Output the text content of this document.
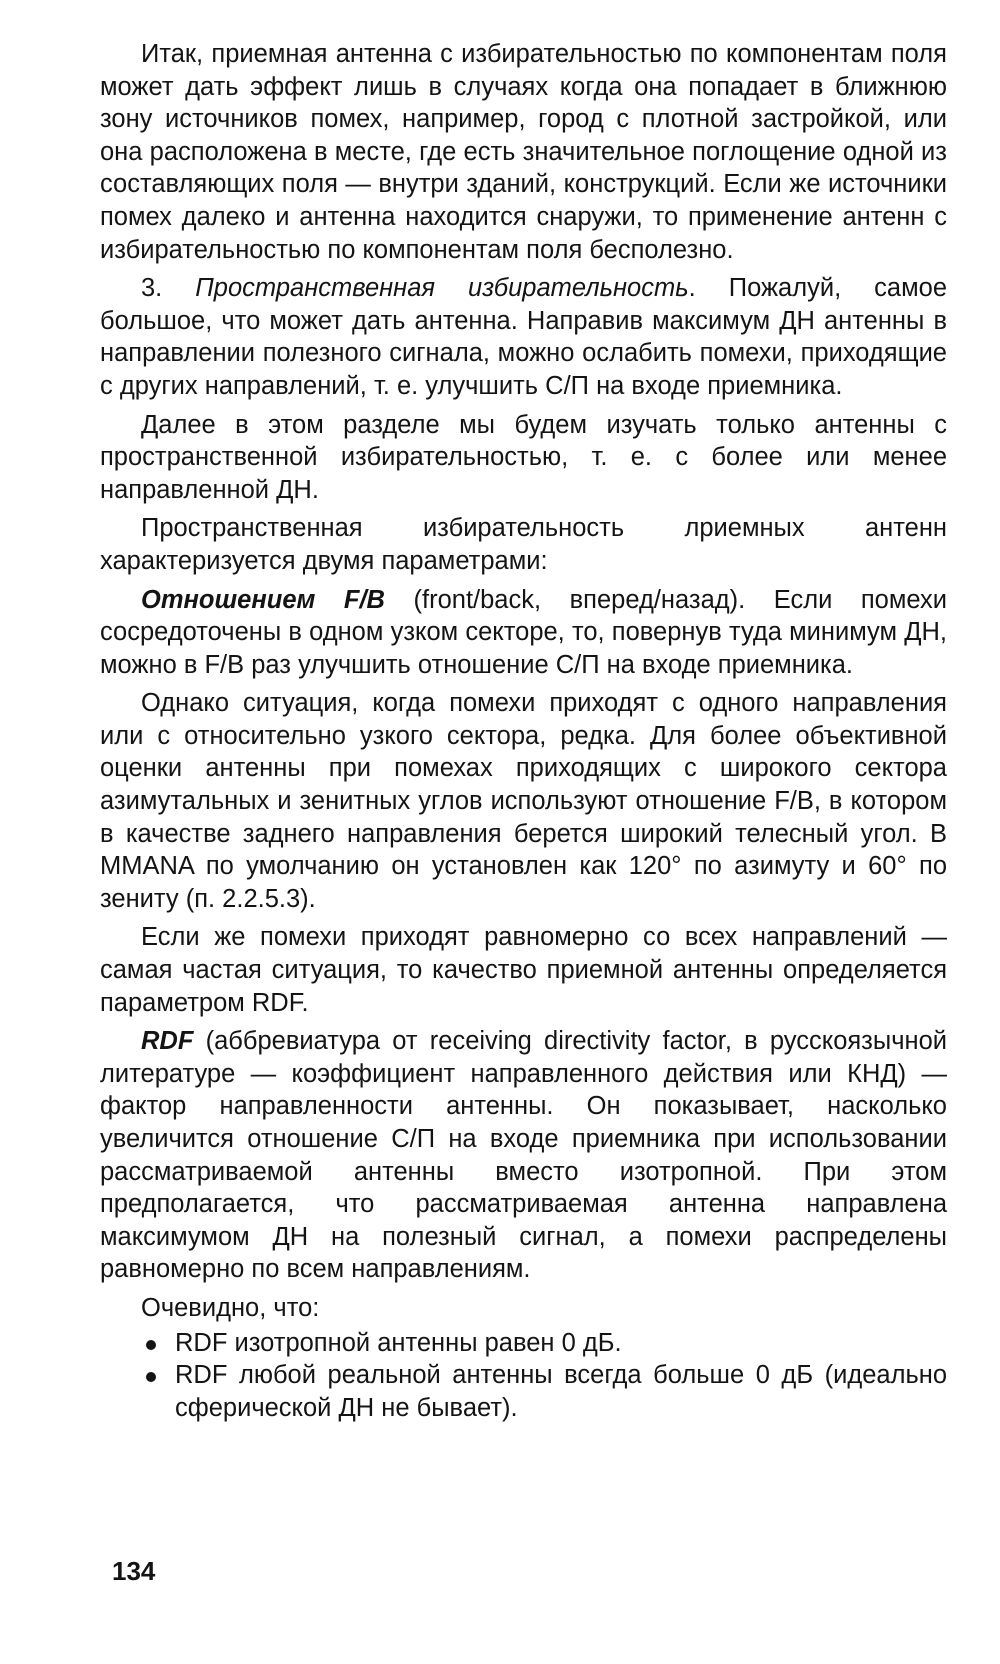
Итак, приемная антенна с избирательностью по компонентам поля может дать эффект лишь в случаях когда она попадает в ближнюю зону источников помех, например, город с плотной застройкой, или она расположена в месте, где есть значительное поглощение одной из составляющих поля — внутри зданий, конструкций. Если же источники помех далеко и антенна находится снаружи, то применение антенн с избирательностью по компонентам поля бесполезно.

3. Пространственная избирательность. Пожалуй, самое большое, что может дать антенна. Направив максимум ДН антенны в направлении полезного сигнала, можно ослабить помехи, приходящие с других направлений, т. е. улучшить С/П на входе приемника.

Далее в этом разделе мы будем изучать только антенны с пространственной избирательностью, т. е. с более или менее направленной ДН.

Пространственная избирательность лриемных антенн характеризуется двумя параметрами:

Отношением F/B (front/back, вперед/назад). Если помехи сосредоточены в одном узком секторе, то, повернув туда минимум ДН, можно в F/B раз улучшить отношение С/П на входе приемника.

Однако ситуация, когда помехи приходят с одного направления или с относительно узкого сектора, редка. Для более объективной оценки антенны при помехах приходящих с широкого сектора азимутальных и зенитных углов используют отношение F/B, в котором в качестве заднего направления берется широкий телесный угол. В MMANA по умолчанию он установлен как 120° по азимуту и 60° по зениту (п. 2.2.5.3).

Если же помехи приходят равномерно со всех направлений — самая частая ситуация, то качество приемной антенны определяется параметром RDF.

RDF (аббревиатура от receiving directivity factor, в русскоязычной литературе — коэффициент направленного действия или КНД) — фактор направленности антенны. Он показывает, насколько увеличится отношение С/П на входе приемника при использовании рассматриваемой антенны вместо изотропной. При этом предполагается, что рассматриваемая антенна направлена максимумом ДН на полезный сигнал, а помехи распределены равномерно по всем направлениям.

Очевидно, что:

RDF изотропной антенны равен 0 дБ.
RDF любой реальной антенны всегда больше 0 дБ (идеально сферической ДН не бывает).
134
